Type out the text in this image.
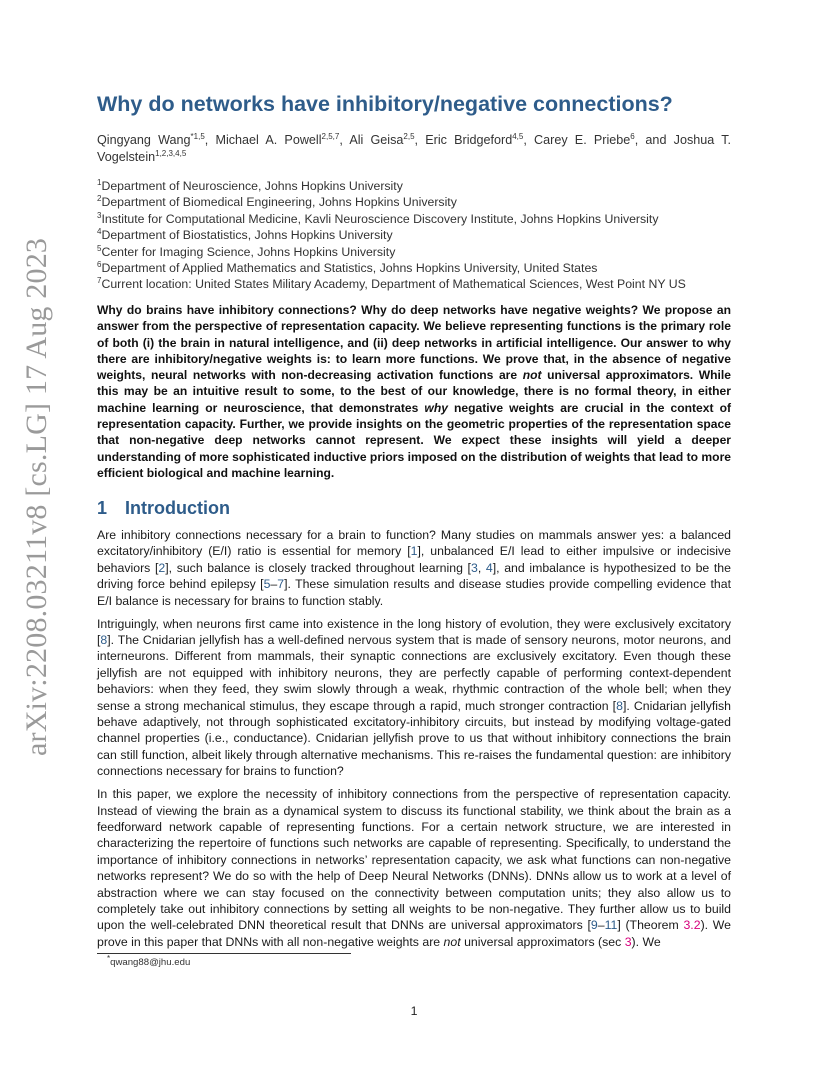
arXiv:2208.03211v8 [cs.LG] 17 Aug 2023
Why do networks have inhibitory/negative connections?
Qingyang Wang$^{*1,5}$, Michael A. Powell$^{2,5,7}$, Ali Geisa$^{2,5}$, Eric Bridgeford$^{4,5}$, Carey E. Priebe$^6$, and Joshua T. Vogelstein$^{1,2,3,4,5}$
$^1$Department of Neuroscience, Johns Hopkins University
$^2$Department of Biomedical Engineering, Johns Hopkins University
$^3$Institute for Computational Medicine, Kavli Neuroscience Discovery Institute, Johns Hopkins University
$^4$Department of Biostatistics, Johns Hopkins University
$^5$Center for Imaging Science, Johns Hopkins University
$^6$Department of Applied Mathematics and Statistics, Johns Hopkins University, United States
$^7$Current location: United States Military Academy, Department of Mathematical Sciences, West Point NY US
Why do brains have inhibitory connections? Why do deep networks have negative weights? We propose an answer from the perspective of representation capacity. We believe representing functions is the primary role of both (i) the brain in natural intelligence, and (ii) deep networks in artificial intelligence. Our answer to why there are inhibitory/negative weights is: to learn more functions. We prove that, in the absence of negative weights, neural networks with non-decreasing activation functions are not universal approximators. While this may be an intuitive result to some, to the best of our knowledge, there is no formal theory, in either machine learning or neuroscience, that demonstrates why negative weights are crucial in the context of representation capacity. Further, we provide insights on the geometric properties of the representation space that non-negative deep networks cannot represent. We expect these insights will yield a deeper understanding of more sophisticated inductive priors imposed on the distribution of weights that lead to more efficient biological and machine learning.
1 Introduction

Are inhibitory connections necessary for a brain to function? Many studies on mammals answer yes: a balanced excitatory/inhibitory (E/I) ratio is essential for memory [1], unbalanced E/I lead to either impulsive or indecisive behaviors [2], such balance is closely tracked throughout learning [3, 4], and imbalance is hypothesized to be the driving force behind epilepsy [5–7]. These simulation results and disease studies provide compelling evidence that E/I balance is necessary for brains to function stably.

Intriguingly, when neurons first came into existence in the long history of evolution, they were exclusively excitatory [8]. The Cnidarian jellyfish has a well-defined nervous system that is made of sensory neurons, motor neurons, and interneurons. Different from mammals, their synaptic connections are exclusively excitatory. Even though these jellyfish are not equipped with inhibitory neurons, they are perfectly capable of performing context-dependent behaviors: when they feed, they swim slowly through a weak, rhythmic contraction of the whole bell; when they sense a strong mechanical stimulus, they escape through a rapid, much stronger contraction [8]. Cnidarian jellyfish behave adaptively, not through sophisticated excitatory-inhibitory circuits, but instead by modifying voltage-gated channel properties (i.e., conductance). Cnidarian jellyfish prove to us that without inhibitory connections the brain can still function, albeit likely through alternative mechanisms. This re-raises the fundamental question: are inhibitory connections necessary for brains to function?

In this paper, we explore the necessity of inhibitory connections from the perspective of representation capacity. Instead of viewing the brain as a dynamical system to discuss its functional stability, we think about the brain as a feedforward network capable of representing functions. For a certain network structure, we are interested in characterizing the repertoire of functions such networks are capable of representing. Specifically, to understand the importance of inhibitory connections in networks’ representation capacity, we ask what functions can non-negative networks represent? We do so with the help of Deep Neural Networks (DNNs). DNNs allow us to work at a level of abstraction where we can stay focused on the connectivity between computation units; they also allow us to completely take out inhibitory connections by setting all weights to be non-negative. They further allow us to build upon the well-celebrated DNN theoretical result that DNNs are universal approximators [9–11] (Theorem 3.2). We prove in this paper that DNNs with all non-negative weights are not universal approximators (sec 3). We

*qwang88@jhu.edu
1
